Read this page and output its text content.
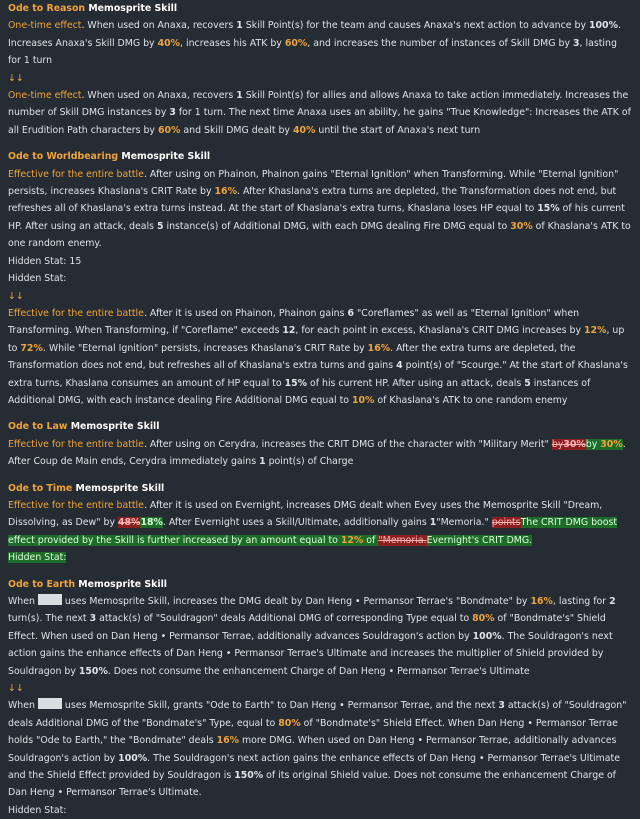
Ode to Reason Memosprite Skill

One-time effect. When used on Anaxa, recovers 1 Skill Point(s) for the team and causes Anaxa's next action to advance by 100%. Increases Anaxa's Skill DMG by 40%, increases his ATK by 60%, and increases the number of instances of Skill DMG by 3, lasting for 1 turn

↓↓

One-time effect. When used on Anaxa, recovers 1 Skill Point(s) for allies and allows Anaxa to take action immediately. Increases the number of Skill DMG instances by 3 for 1 turn. The next time Anaxa uses an ability, he gains "True Knowledge": Increases the ATK of all Erudition Path characters by 60% and Skill DMG dealt by 40% until the start of Anaxa's next turn

Ode to Worldbearing Memosprite Skill

Effective for the entire battle. After using on Phainon, Phainon gains "Eternal Ignition" when Transforming. While "Eternal Ignition" persists, increases Khaslana's CRIT Rate by 16%. After Khaslana's extra turns are depleted, the Transformation does not end, but refreshes all of Khaslana's extra turns instead. At the start of Khaslana's extra turns, Khaslana loses HP equal to 15% of his current HP. After using an attack, deals 5 instance(s) of Additional DMG, with each DMG dealing Fire DMG equal to 30% of Khaslana's ATK to one random enemy.

Hidden Stat: 15

Hidden Stat:

↓↓

Effective for the entire battle. After it is used on Phainon, Phainon gains 6 "Coreflames" as well as "Eternal Ignition" when Transforming. When Transforming, if "Coreflame" exceeds 12, for each point in excess, Khaslana's CRIT DMG increases by 12%, up to 72%. While "Eternal Ignition" persists, increases Khaslana's CRIT Rate by 16%. After the extra turns are depleted, the Transformation does not end, but refreshes all of Khaslana's extra turns and gains 4 point(s) of "Scourge." At the start of Khaslana's extra turns, Khaslana consumes an amount of HP equal to 15% of his current HP. After using an attack, deals 5 instances of Additional DMG, with each instance dealing Fire Additional DMG equal to 10% of Khaslana's ATK to one random enemy

Ode to Law Memosprite Skill

Effective for the entire battle. After using on Cerydra, increases the CRIT DMG of the character with "Military Merit" by30%by 30%. After Coup de Main ends, Cerydra immediately gains 1 point(s) of Charge

Ode to Time Memosprite Skill

Effective for the entire battle. After it is used on Evernight, increases DMG dealt when Evey uses the Memosprite Skill "Dream, Dissolving, as Dew" by 48%18%. After Evernight uses a Skill/Ultimate, additionally gains 1"Memoria." pointsThe CRIT DMG boost effect provided by the Skill is further increased by an amount equal to 12% of "Memoria.Evernight's CRIT DMG.

Hidden Stat:

Ode to Earth Memosprite Skill

When	uses Memosprite Skill, increases the DMG dealt by Dan Heng • Permansor Terrae's "Bondmate" by 16%, lasting for 2 turn(s). The next 3 attack(s) of "Souldragon" deals Additional DMG of corresponding Type equal to 80% of "Bondmate's" Shield Effect. When used on Dan Heng • Permansor Terrae, additionally advances Souldragon's action by 100%. The Souldragon's next action gains the enhance effects of Dan Heng • Permansor Terrae's Ultimate and increases the multiplier of Shield provided by Souldragon by 150%. Does not consume the enhancement Charge of Dan Heng • Permansor Terrae's Ultimate

↓↓

When	uses Memosprite Skill, grants "Ode to Earth" to Dan Heng • Permansor Terrae, and the next 3 attack(s) of "Souldragon" deals Additional DMG of the "Bondmate's" Type, equal to 80% of "Bondmate's" Shield Effect. When Dan Heng • Permansor Terrae holds "Ode to Earth," the "Bondmate" deals 16% more DMG. When used on Dan Heng • Permansor Terrae, additionally advances Souldragon's action by 100%. The Souldragon's next action gains the enhance effects of Dan Heng • Permansor Terrae's Ultimate and the Shield Effect provided by Souldragon is 150% of its original Shield value. Does not consume the enhancement Charge of Dan Heng • Permansor Terrae's Ultimate.

Hidden Stat:
